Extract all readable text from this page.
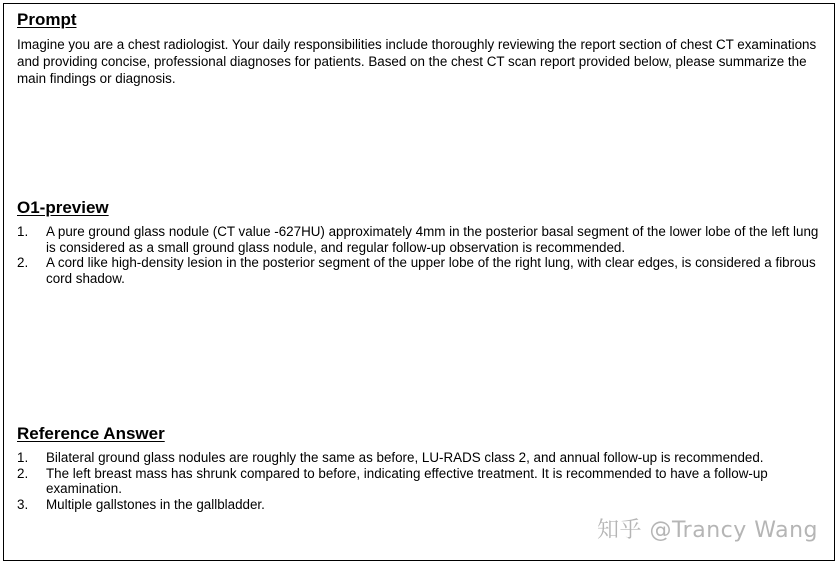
Prompt

Imagine you are a chest radiologist. Your daily responsibilities include thoroughly reviewing the report section of chest CT examinations and providing concise, professional diagnoses for patients. Based on the chest CT scan report provided below, please summarize the main findings or diagnosis.

O1-preview
1. A pure ground glass nodule (CT value -627HU) approximately 4mm in the posterior basal segment of the lower lobe of the left lung is considered as a small ground glass nodule, and regular follow-up observation is recommended.
2. A cord like high-density lesion in the posterior segment of the upper lobe of the right lung, with clear edges, is considered a fibrous cord shadow.
Reference Answer
1. Bilateral ground glass nodules are roughly the same as before, LU-RADS class 2, and annual follow-up is recommended.
2. The left breast mass has shrunk compared to before, indicating effective treatment. It is recommended to have a follow-up examination.
3. Multiple gallstones in the gallbladder.
知乎 @Trancy Wang
